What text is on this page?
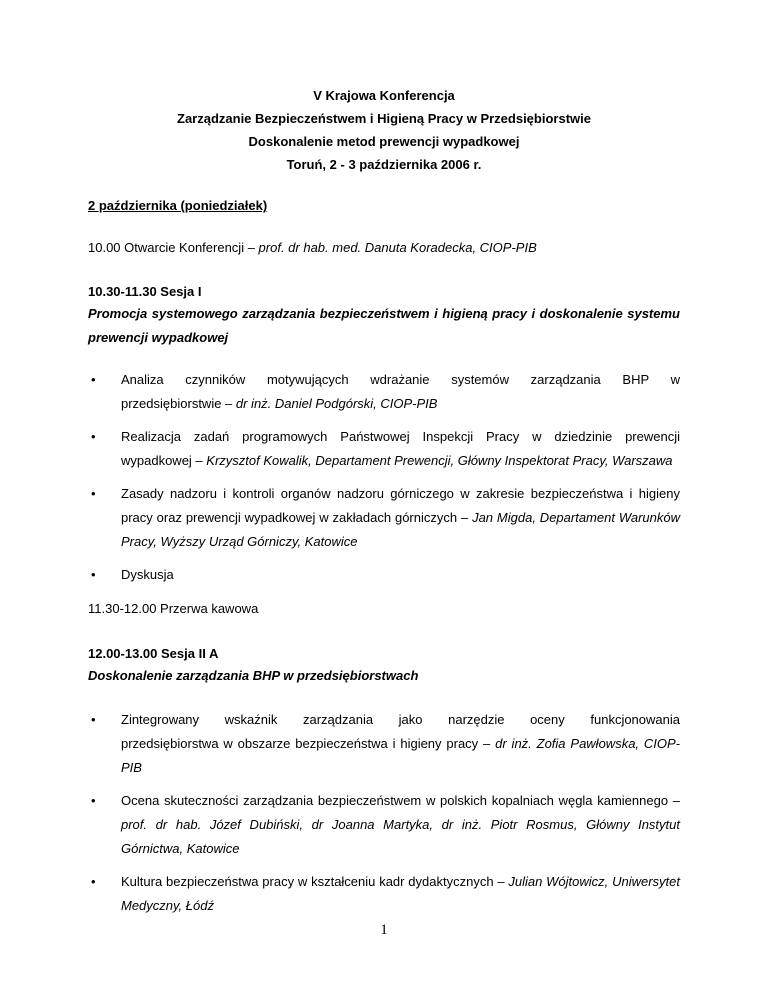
V Krajowa Konferencja
Zarządzanie Bezpieczeństwem i Higieną Pracy w Przedsiębiorstwie
Doskonalenie metod prewencji wypadkowej
Toruń, 2 - 3 października 2006 r.
2 października (poniedziałek)
10.00 Otwarcie Konferencji – prof. dr hab. med. Danuta Koradecka, CIOP-PIB
10.30-11.30 Sesja I
Promocja systemowego zarządzania bezpieczeństwem i higieną pracy i doskonalenie systemu prewencji wypadkowej
• Analiza czynników motywujących wdrażanie systemów zarządzania BHP w
przedsiębiorstwie – dr inż. Daniel Podgórski, CIOP-PIB
• Realizacja zadań programowych Państwowej Inspekcji Pracy w dziedzinie prewencji wypadkowej – Krzysztof Kowalik, Departament Prewencji, Główny Inspektorat Pracy, Warszawa
• Zasady nadzoru i kontroli organów nadzoru górniczego w zakresie bezpieczeństwa i higieny pracy oraz prewencji wypadkowej w zakładach górniczych – Jan Migda, Departament Warunków Pracy, Wyższy Urząd Górniczy, Katowice
• Dyskusja
11.30-12.00 Przerwa kawowa
12.00-13.00 Sesja II A
Doskonalenie zarządzania BHP w przedsiębiorstwach
• Zintegrowany wskaźnik zarządzania jako narzędzie oceny funkcjonowania
przedsiębiorstwa w obszarze bezpieczeństwa i higieny pracy – dr inż. Zofia Pawłowska, CIOP-PIB
• Ocena skuteczności zarządzania bezpieczeństwem w polskich kopalniach węgla kamiennego – prof. dr hab. Józef Dubiński, dr Joanna Martyka, dr inż. Piotr Rosmus, Główny Instytut Górnictwa, Katowice
• Kultura bezpieczeństwa pracy w kształceniu kadr dydaktycznych – Julian Wójtowicz, Uniwersytet Medyczny, Łódź
1
